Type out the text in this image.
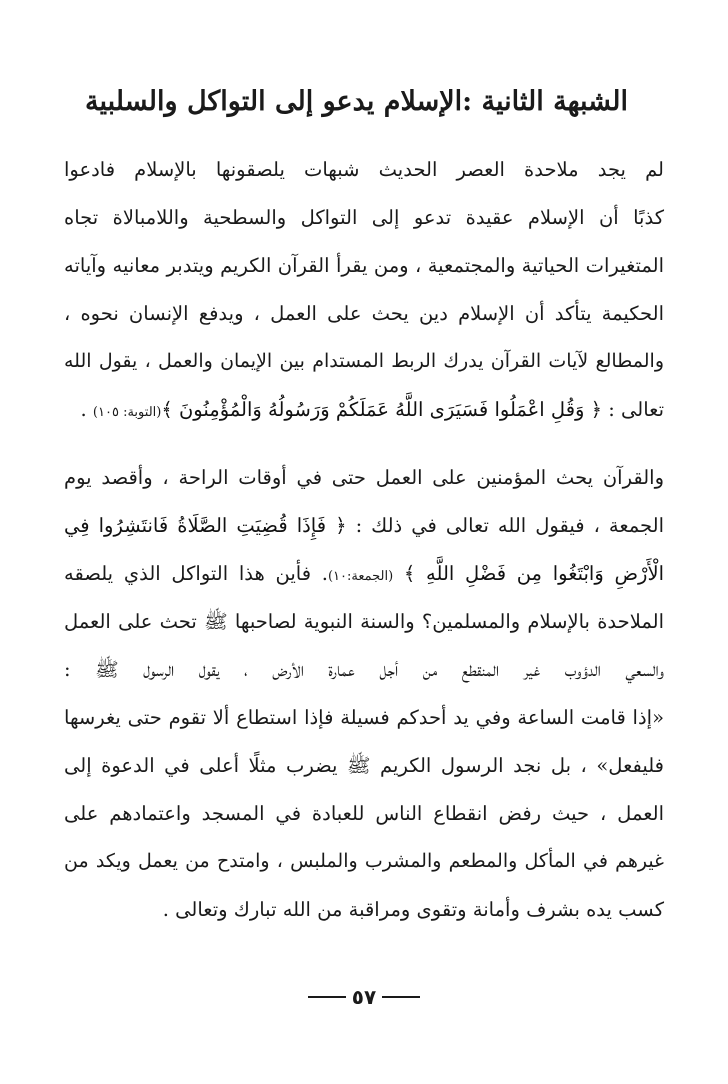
الشبهة الثانية :الإسلام يدعو إلى التواكل والسلبية
لم يجد ملاحدة العصر الحديث شبهات يلصقونها بالإسلام فادعوا
كذبًا أن الإسلام عقيدة تدعو إلى التواكل والسطحية واللامبالاة تجاه
المتغيرات الحياتية والمجتمعية ، ومن يقرأ القرآن الكريم ويتدبر معانيه وآياته
الحكيمة يتأكد أن الإسلام دين يحث على العمل ، ويدفع الإنسان نحوه ،
والمطالع لآيات القرآن يدرك الربط المستدام بين الإيمان والعمل ، يقول الله
تعالى : ﴿ وَقُلِ اعْمَلُوا فَسَيَرَى اللَّهُ عَمَلَكُمْ وَرَسُولُهُ وَالْمُؤْمِنُونَ ﴾(التوبة: ١٠٥) .
والقرآن يحث المؤمنين على العمل حتى في أوقات الراحة ، وأقصد يوم
الجمعة ، فيقول الله تعالى في ذلك : ﴿ فَإِذَا قُضِيَتِ الصَّلَاةُ فَانتَشِرُوا فِي
الْأَرْضِ وَابْتَغُوا مِن فَضْلِ اللَّهِ ﴾ (الجمعة:١٠). فأين هذا التواكل الذي يلصقه
الملاحدة بالإسلام والمسلمين؟ والسنة النبوية لصاحبها ﷺ تحث على العمل
والسعي الدؤوب غير المنقطع من أجل عمارة الأرض ، يقول الرسول ﷺ :
«إذا قامت الساعة وفي يد أحدكم فسيلة فإذا استطاع ألا تقوم حتى يغرسها
فليفعل» ، بل نجد الرسول الكريم ﷺ يضرب مثلًا أعلى في الدعوة إلى
العمل ، حيث رفض انقطاع الناس للعبادة في المسجد واعتمادهم على
غيرهم في المأكل والمطعم والمشرب والملبس ، وامتدح من يعمل ويكد من
كسب يده بشرف وأمانة وتقوى ومراقبة من الله تبارك وتعالى .
٥٧
